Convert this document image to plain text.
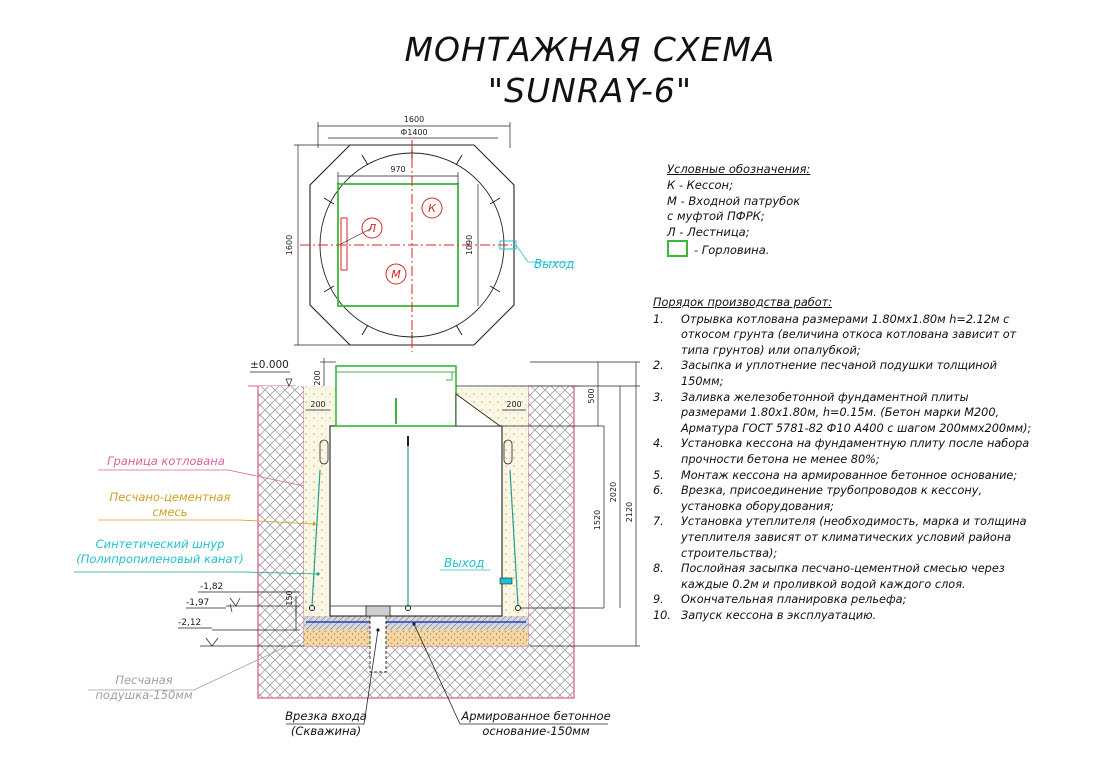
МОНТАЖНАЯ СХЕМА
"SUNRAY-6"
Л
К
М
Выход
1600
Ф1400
970
1600	1090
Выход
±0.000
-1,82
-1,97
-2,12
200
200	200
500
1520
2020
2120
150
Граница котлована
Песчано-цементная
смесь
Синтетический шнур
(Полипропиленовый канат)
Песчаная
подушка-150мм
Врезка входа
(Скважина)
Армированное бетонное
основание-150мм
Условные обозначения:
К - Кессон;
М - Входной патрубок
с муфтой ПФРК;
Л - Лестница;
- Горловина.
Порядок производства работ:
1.	Отрывка котлована размерами 1.80мх1.80м h=2.12м с откосом грунта (величина откоса котлована зависит от типа грунтов) или опалубкой;
2.	Засыпка и уплотнение песчаной подушки толщиной 150мм;
3.	Заливка железобетонной фундаментной плиты размерами 1.80х1.80м, h=0.15м. (Бетон марки М200, Арматура ГОСТ 5781-82 Ф10 А400 с шагом 200ммх200мм);
4.	Установка кессона на фундаментную плиту после набора прочности бетона не менее 80%;
5.	Монтаж кессона на армированное бетонное основание;
6.	Врезка, присоединение трубопроводов к кессону, установка оборудования;
7.	Установка утеплителя (необходимость, марка и толщина утеплителя зависят от климатических условий района строительства);
8.	Послойная засыпка песчано-цементной смесью через каждые 0.2м и проливкой водой каждого слоя.
9.	Окончательная планировка рельефа;
10. Запуск кессона в эксплуатацию.
